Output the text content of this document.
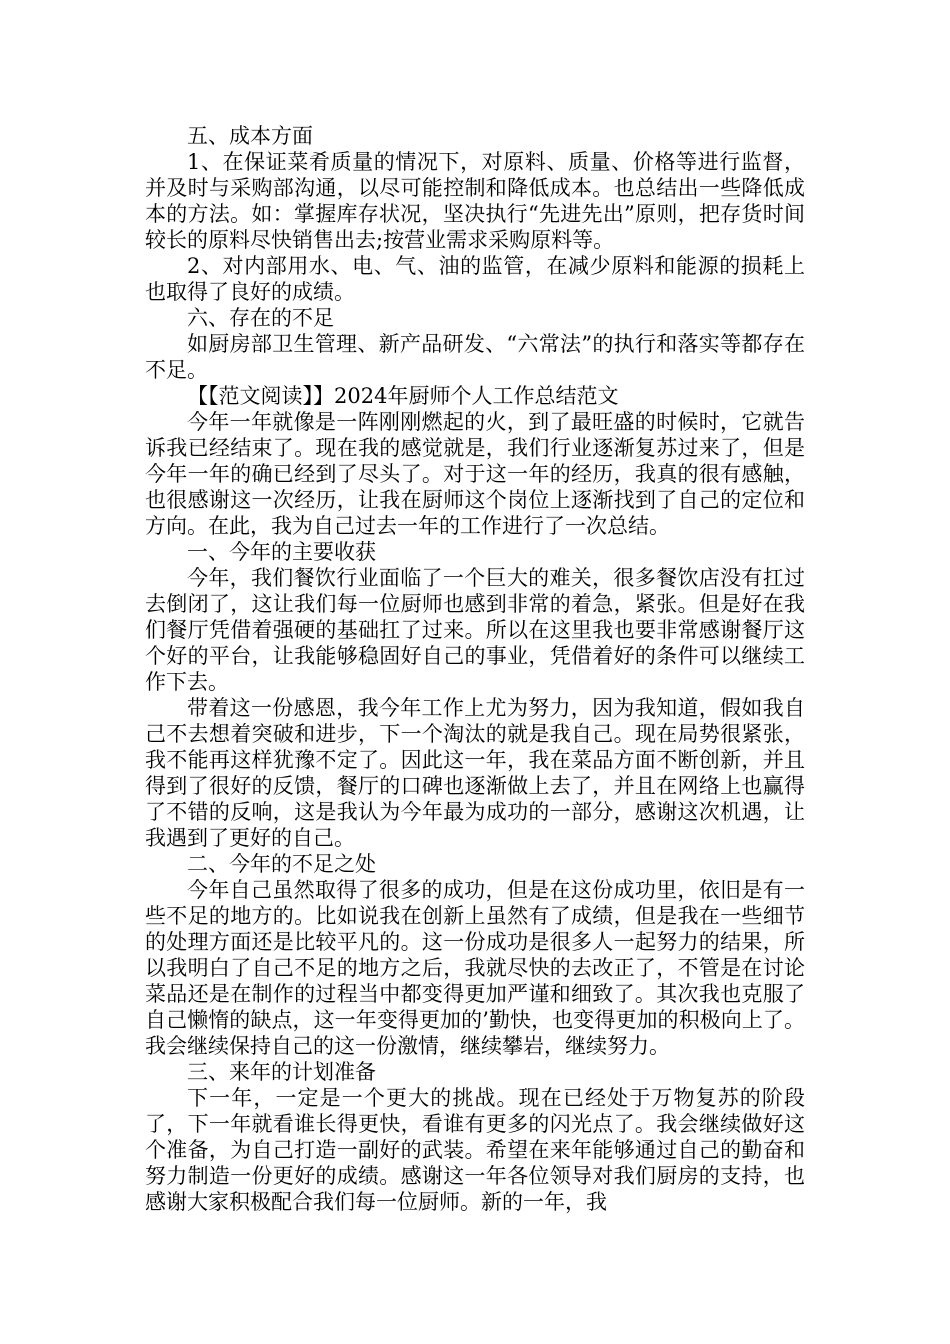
五、成本方面

1、在保证菜肴质量的情况下，对原料、质量、价格等进行监督，并及时与采购部沟通，以尽可能控制和降低成本。也总结出一些降低成本的方法。如：掌握库存状况，坚决执行“先进先出”原则，把存货时间较长的原料尽快销售出去;按营业需求采购原料等。

2、对内部用水、电、气、油的监管，在减少原料和能源的损耗上也取得了良好的成绩。

六、存在的不足

如厨房部卫生管理、新产品研发、“六常法”的执行和落实等都存在不足。

【【范文阅读】】2024年厨师个人工作总结范文

今年一年就像是一阵刚刚燃起的火，到了最旺盛的时候时，它就告诉我已经结束了。现在我的感觉就是，我们行业逐渐复苏过来了，但是今年一年的确已经到了尽头了。对于这一年的经历，我真的很有感触，也很感谢这一次经历，让我在厨师这个岗位上逐渐找到了自己的定位和方向。在此，我为自己过去一年的工作进行了一次总结。

一、今年的主要收获

今年，我们餐饮行业面临了一个巨大的难关，很多餐饮店没有扛过去倒闭了，这让我们每一位厨师也感到非常的着急，紧张。但是好在我们餐厅凭借着强硬的基础扛了过来。所以在这里我也要非常感谢餐厅这个好的平台，让我能够稳固好自己的事业，凭借着好的条件可以继续工作下去。

带着这一份感恩，我今年工作上尤为努力，因为我知道，假如我自己不去想着突破和进步，下一个淘汰的就是我自己。现在局势很紧张，我不能再这样犹豫不定了。因此这一年，我在菜品方面不断创新，并且得到了很好的反馈，餐厅的口碑也逐渐做上去了，并且在网络上也赢得了不错的反响，这是我认为今年最为成功的一部分，感谢这次机遇，让我遇到了更好的自己。

二、今年的不足之处

今年自己虽然取得了很多的成功，但是在这份成功里，依旧是有一些不足的地方的。比如说我在创新上虽然有了成绩，但是我在一些细节的处理方面还是比较平凡的。这一份成功是很多人一起努力的结果，所以我明白了自己不足的地方之后，我就尽快的去改正了，不管是在讨论菜品还是在制作的过程当中都变得更加严谨和细致了。其次我也克服了自己懒惰的缺点，这一年变得更加的’勤快，也变得更加的积极向上了。我会继续保持自己的这一份激情，继续攀岩，继续努力。

三、来年的计划准备

下一年，一定是一个更大的挑战。现在已经处于万物复苏的阶段了，下一年就看谁长得更快，看谁有更多的闪光点了。我会继续做好这个准备，为自己打造一副好的武装。希望在来年能够通过自己的勤奋和努力制造一份更好的成绩。感谢这一年各位领导对我们厨房的支持，也感谢大家积极配合我们每一位厨师。新的一年，我
